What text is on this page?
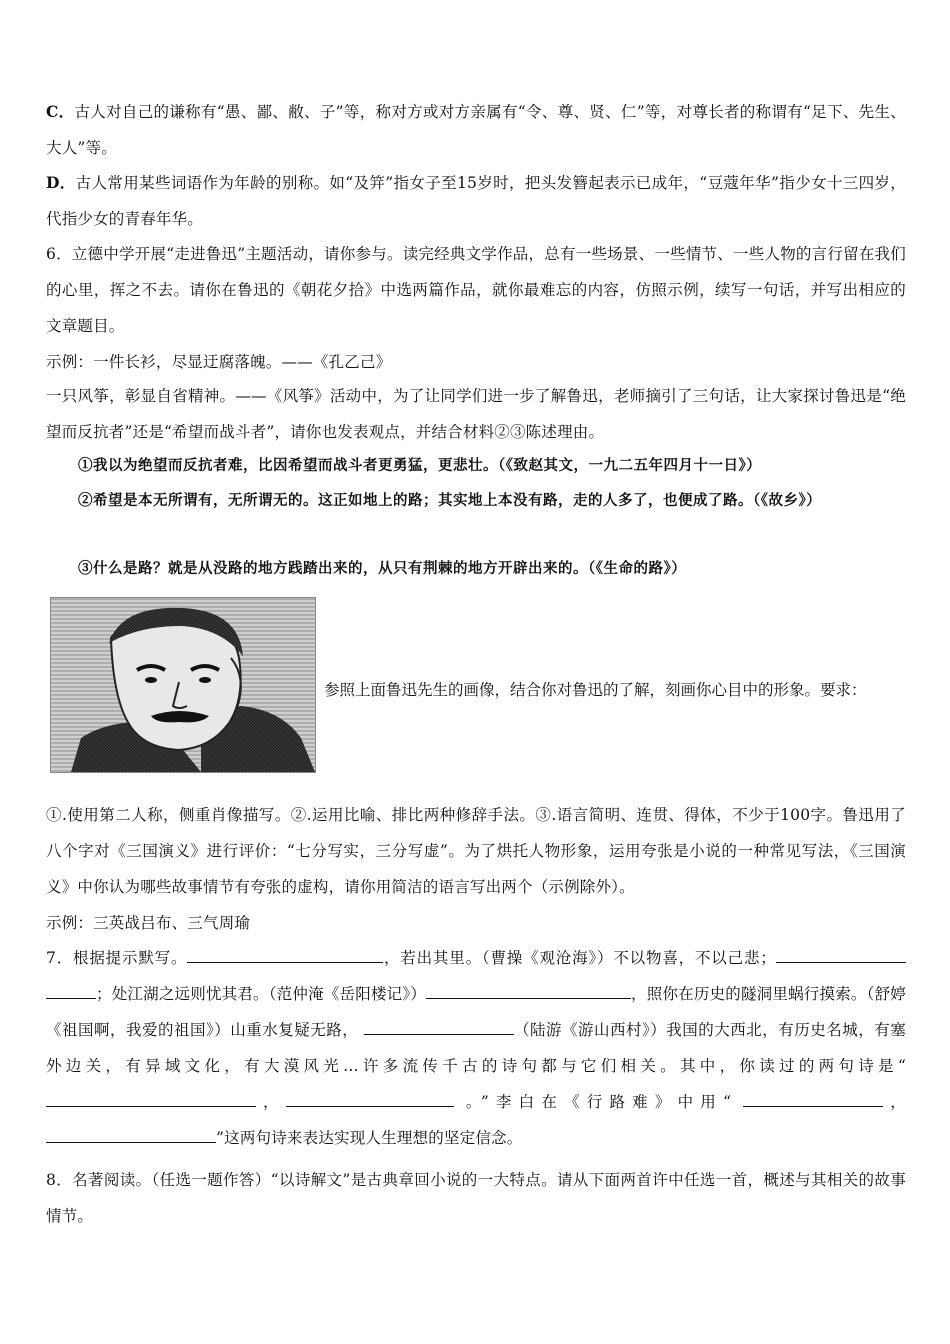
C．古人对自己的谦称有“愚、鄙、敝、子”等，称对方或对方亲属有“令、尊、贤、仁”等，对尊长者的称谓有“足下、先生、大人”等。
D．古人常用某些词语作为年龄的别称。如“及笄”指女子至15岁时，把头发簪起表示已成年，“豆蔻年华”指少女十三四岁，代指少女的青春年华。
6．立德中学开展“走进鲁迅”主题活动，请你参与。读完经典文学作品，总有一些场景、一些情节、一些人物的言行留在我们的心里，挥之不去。请你在鲁迅的《朝花夕拾》中选两篇作品，就你最难忘的内容，仿照示例，续写一句话，并写出相应的文章题目。
示例：一件长衫，尽显迂腐落魄。——《孔乙己》
一只风筝，彰显自省精神。——《风筝》活动中，为了让同学们进一步了解鲁迅，老师摘引了三句话，让大家探讨鲁迅是“绝望而反抗者”还是“希望而战斗者”，请你也发表观点，并结合材料②③陈述理由。
①我以为绝望而反抗者难，比因希望而战斗者更勇猛，更悲壮。（《致赵其文，一九二五年四月十一日》）
②希望是本无所谓有，无所谓无的。这正如地上的路；其实地上本没有路，走的人多了，也便成了路。（《故乡》）
③什么是路？就是从没路的地方践踏出来的，从只有荆棘的地方开辟出来的。（《生命的路》）
参照上面鲁迅先生的画像，结合你对鲁迅的了解，刻画你心目中的形象。要求：
①.使用第二人称，侧重肖像描写。②.运用比喻、排比两种修辞手法。③.语言简明、连贯、得体，不少于100字。鲁迅用了八个字对《三国演义》进行评价：“七分写实，三分写虚”。为了烘托人物形象，运用夸张是小说的一种常见写法，《三国演义》中你认为哪些故事情节有夸张的虚构，请你用简洁的语言写出两个（示例除外）。
示例：三英战吕布、三气周瑜
7．根据提示默写。	，若出其里。（曹操《观沧海》）不以物喜，不以己悲；；处江湖之远则忧其君。（范仲淹《岳阳楼记》）	，照你在历史的隧洞里蜗行摸索。（舒婷《祖国啊，我爱的祖国》）山重水复疑无路，	（陆游《游山西村》）我国的大西北，有历史名城，有塞外边关，有异域文化，有大漠风光…许多流传千古的诗句都与它们相关。其中，你读过的两句诗是“，	。”李白在《行路难》中用“	，”这两句诗来表达实现人生理想的坚定信念。
8．名著阅读。（任选一题作答）“以诗解文”是古典章回小说的一大特点。请从下面两首许中任选一首，概述与其相关的故事情节。
